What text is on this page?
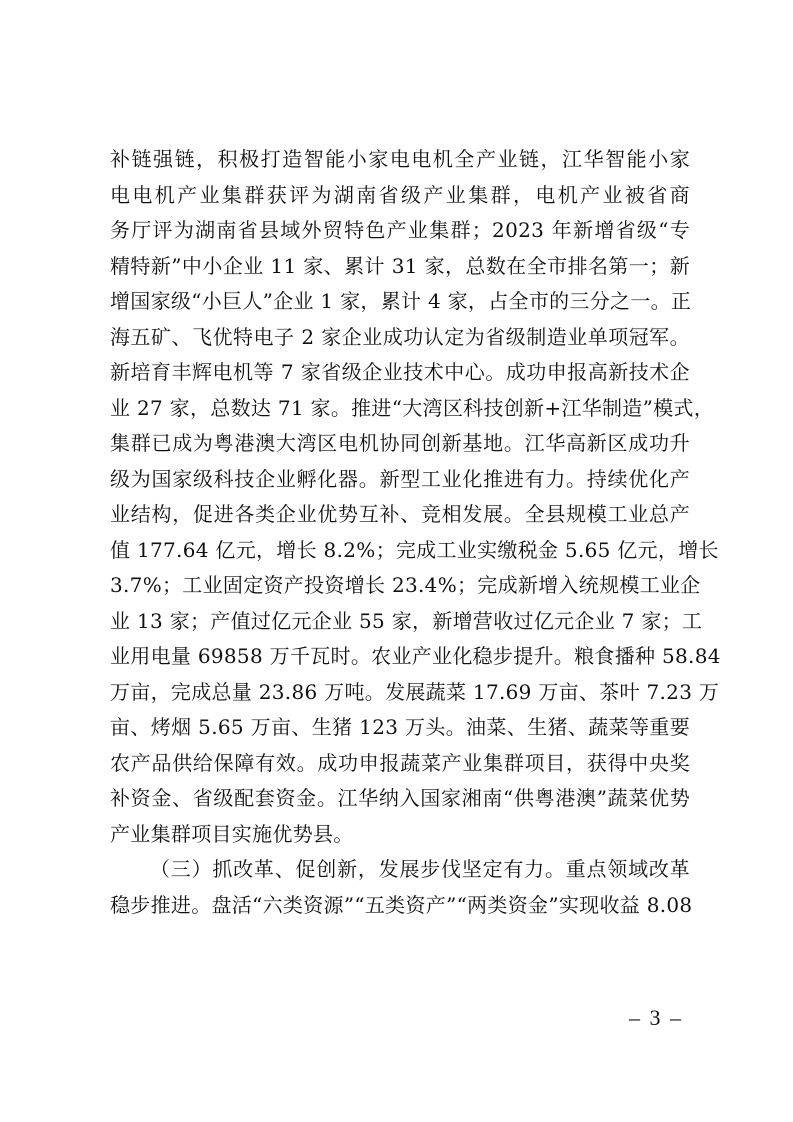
补链强链，积极打造智能小家电电机全产业链，江华智能小家
电电机产业集群获评为湖南省级产业集群，电机产业被省商
务厅评为湖南省县域外贸特色产业集群；2023 年新增省级“专
精特新”中小企业 11 家、累计 31 家，总数在全市排名第一；新
增国家级“小巨人”企业 1 家，累计 4 家，占全市的三分之一。正
海五矿、飞优特电子 2 家企业成功认定为省级制造业单项冠军。
新培育丰辉电机等 7 家省级企业技术中心。成功申报高新技术企
业 27 家，总数达 71 家。推进“大湾区科技创新+江华制造”模式，
集群已成为粤港澳大湾区电机协同创新基地。江华高新区成功升
级为国家级科技企业孵化器。新型工业化推进有力。持续优化产
业结构，促进各类企业优势互补、竞相发展。全县规模工业总产
值 177.64 亿元，增长 8.2%；完成工业实缴税金 5.65 亿元，增长
3.7%；工业固定资产投资增长 23.4%；完成新增入统规模工业企
业 13 家；产值过亿元企业 55 家，新增营收过亿元企业 7 家；工
业用电量 69858 万千瓦时。农业产业化稳步提升。粮食播种 58.84
万亩，完成总量 23.86 万吨。发展蔬菜 17.69 万亩、茶叶 7.23 万
亩、烤烟 5.65 万亩、生猪 123 万头。油菜、生猪、蔬菜等重要
农产品供给保障有效。成功申报蔬菜产业集群项目，获得中央奖
补资金、省级配套资金。江华纳入国家湘南“供粤港澳”蔬菜优势
产业集群项目实施优势县。
（三）抓改革、促创新，发展步伐坚定有力。重点领域改革
稳步推进。盘活“六类资源”“五类资产”“两类资金”实现收益 8.08
– 3 –
